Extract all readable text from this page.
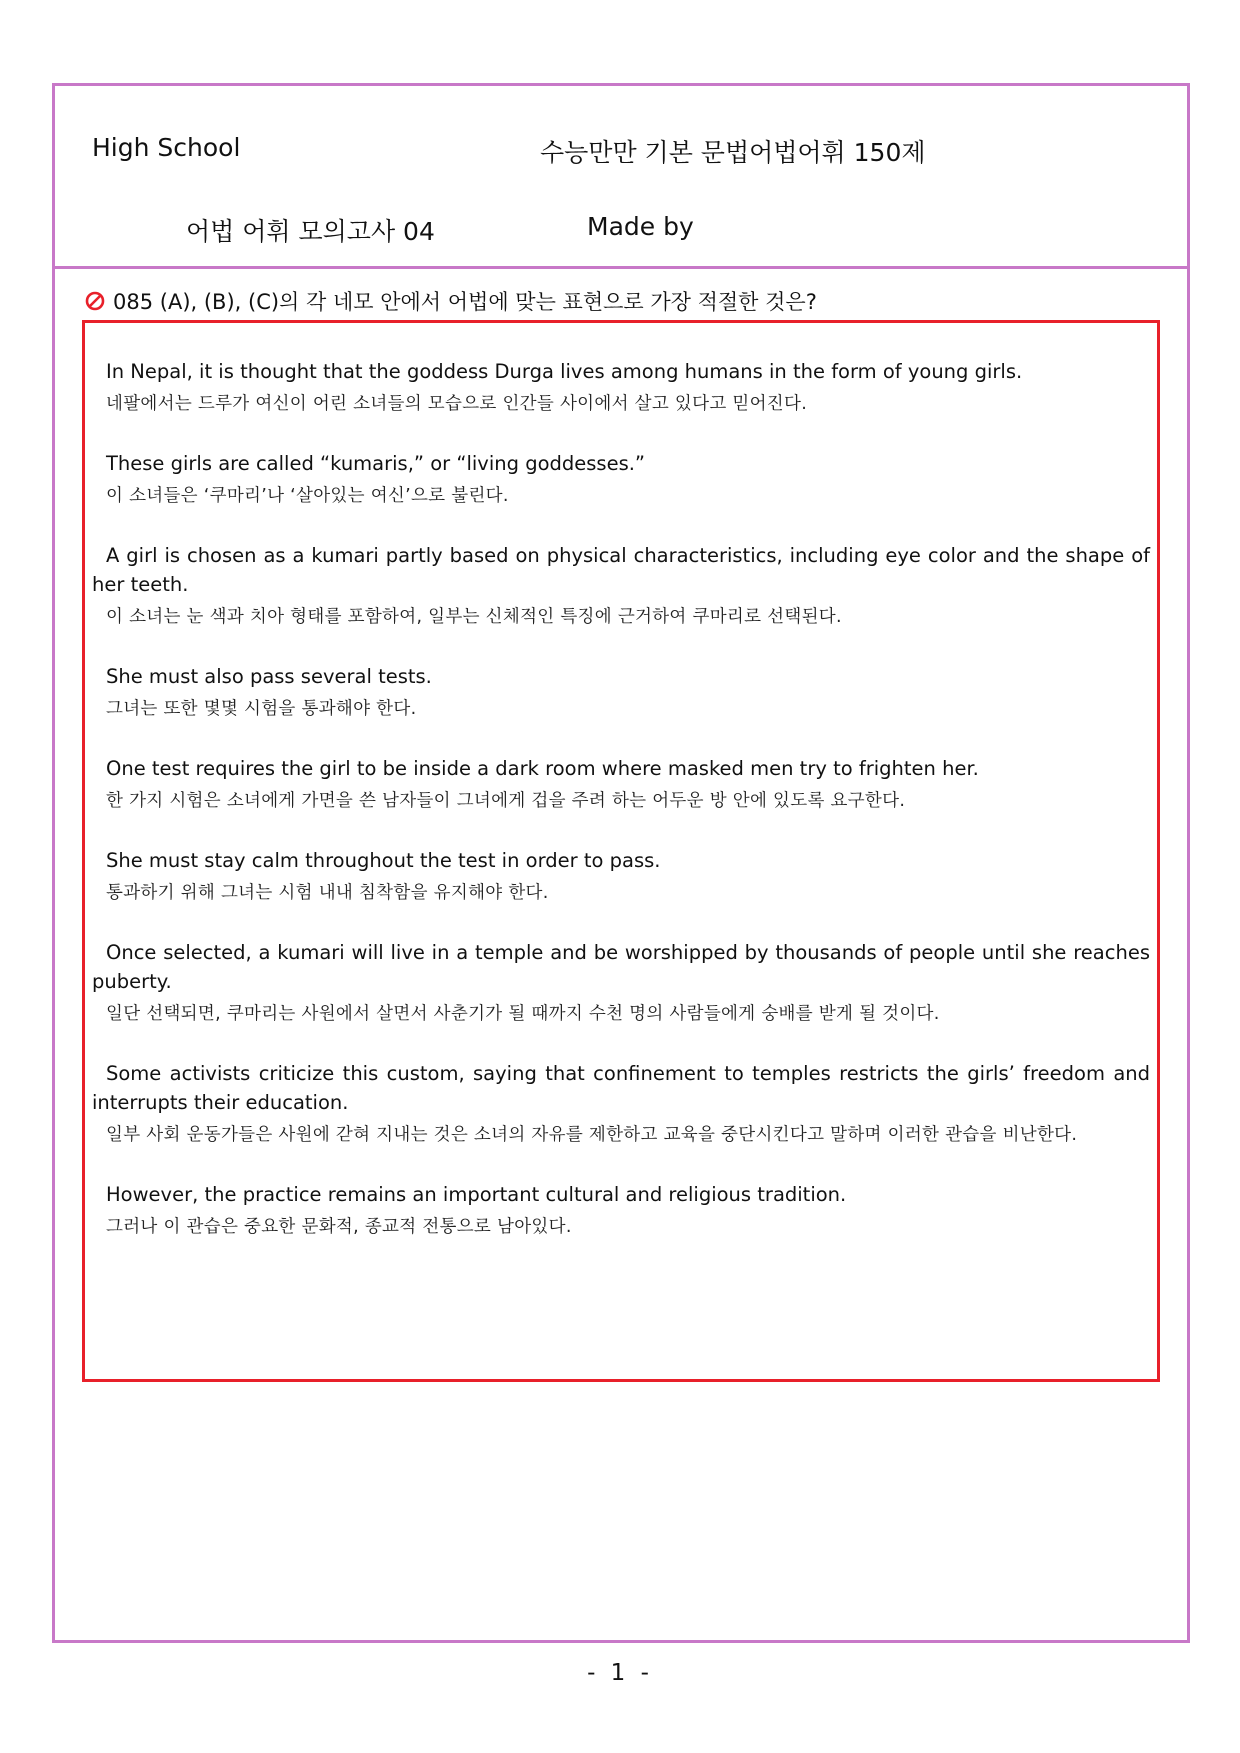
High School	수능만만 기본 문법어법어휘 150제
어법 어휘 모의고사 04	Made by
085 (A), (B), (C)의 각 네모 안에서 어법에 맞는 표현으로 가장 적절한 것은?
In Nepal, it is thought that the goddess Durga lives among humans in the form of young girls.
네팔에서는 드루가 여신이 어린 소녀들의 모습으로 인간들 사이에서 살고 있다고 믿어진다.
These girls are called “kumaris,” or “living goddesses.”
이 소녀들은 ‘쿠마리’나 ‘살아있는 여신’으로 불린다.
A girl is chosen as a kumari partly based on physical characteristics, including eye color and the shape of her teeth.
이 소녀는 눈 색과 치아 형태를 포함하여, 일부는 신체적인 특징에 근거하여 쿠마리로 선택된다.
She must also pass several tests.
그녀는 또한 몇몇 시험을 통과해야 한다.
One test requires the girl to be inside a dark room where masked men try to frighten her.
한 가지 시험은 소녀에게 가면을 쓴 남자들이 그녀에게 겁을 주려 하는 어두운 방 안에 있도록 요구한다.
She must stay calm throughout the test in order to pass.
통과하기 위해 그녀는 시험 내내 침착함을 유지해야 한다.
Once selected, a kumari will live in a temple and be worshipped by thousands of people until she reaches puberty.
일단 선택되면, 쿠마리는 사원에서 살면서 사춘기가 될 때까지 수천 명의 사람들에게 숭배를 받게 될 것이다.
Some activists criticize this custom, saying that confinement to temples restricts the girls’ freedom and interrupts their education.
일부 사회 운동가들은 사원에 갇혀 지내는 것은 소녀의 자유를 제한하고 교육을 중단시킨다고 말하며 이러한 관습을 비난한다.
However, the practice remains an important cultural and religious tradition.
그러나 이 관습은 중요한 문화적, 종교적 전통으로 남아있다.
- 1 -
